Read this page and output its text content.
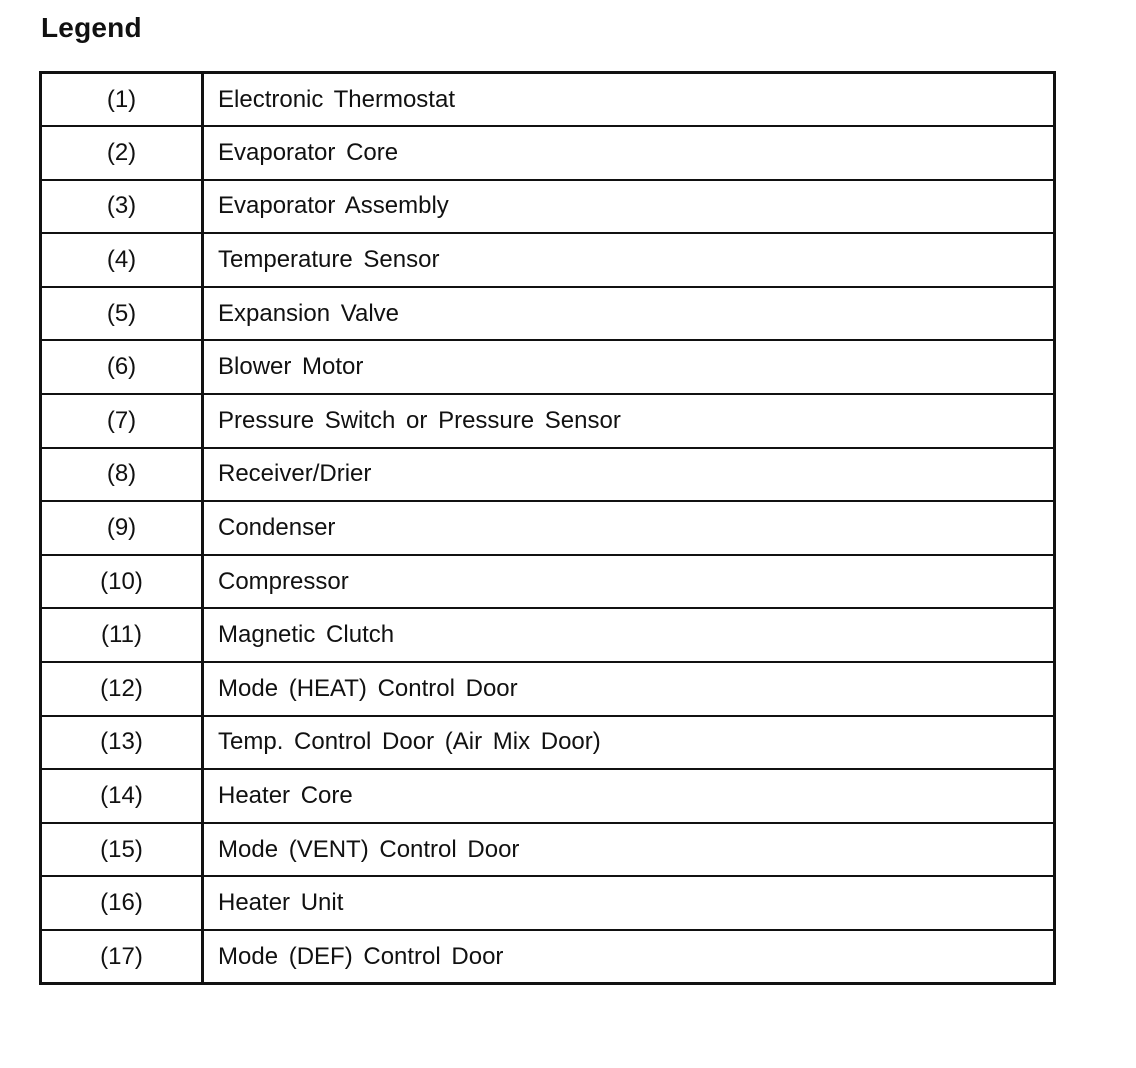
Legend
(1)	Electronic Thermostat
(2)	Evaporator Core
(3)	Evaporator Assembly
(4)	Temperature Sensor
(5)	Expansion Valve
(6)	Blower Motor
(7)	Pressure Switch or Pressure Sensor
(8)	Receiver/Drier
(9)	Condenser
(10)	Compressor
(11)	Magnetic Clutch
(12)	Mode (HEAT) Control Door
(13)	Temp. Control Door (Air Mix Door)
(14)	Heater Core
(15)	Mode (VENT) Control Door
(16)	Heater Unit
(17)	Mode (DEF) Control Door
